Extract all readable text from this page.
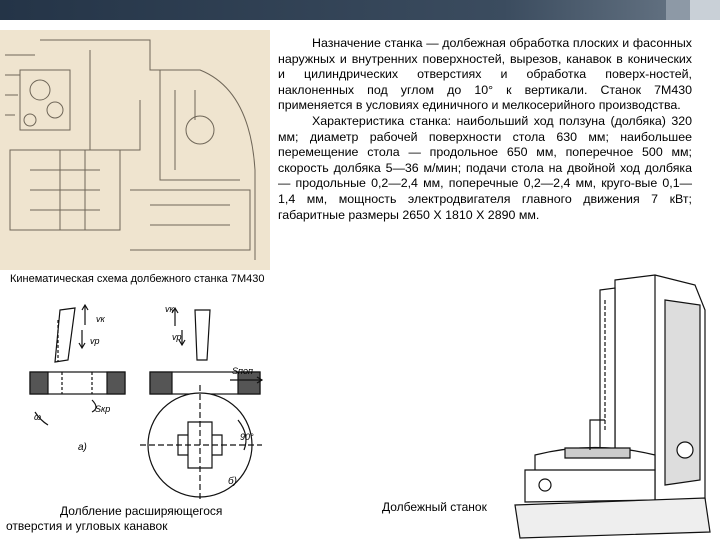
Назначение станка — долбежная обработка плоских и фасонных наружных и внутренних поверхностей, вырезов, канавок в конических и цилиндрических отверстиях и обработка поверх-ностей, наклоненных под углом до 10° к вертикали. Станок 7М430 применяется в условиях единичного и мелкосерийного производства.

Характеристика станка: наибольший ход ползуна (долбяка) 320 мм; диаметр рабочей поверхности стола 630 мм; наибольшее перемещение стола — продольное 650 мм, поперечное 500 мм; скорость долбяка 5—36 м/мин; подачи стола на двойной ход долбяка — продольные 0,2—2,4 мм, поперечные 0,2—2,4 мм, круго-вые 0,1—1,4 мм, мощность электродвигателя главного движения 7 кВт; габаритные размеры 2650 X 1810 X 2890 мм.

Кинематическая схема долбежного станка 7М430
vк
vр
Sкр
ω
а)
vк
vр
Sпоп
90°
б)
Долбление расширяющегося
отверстия и угловых канавок
Долбежный станок
